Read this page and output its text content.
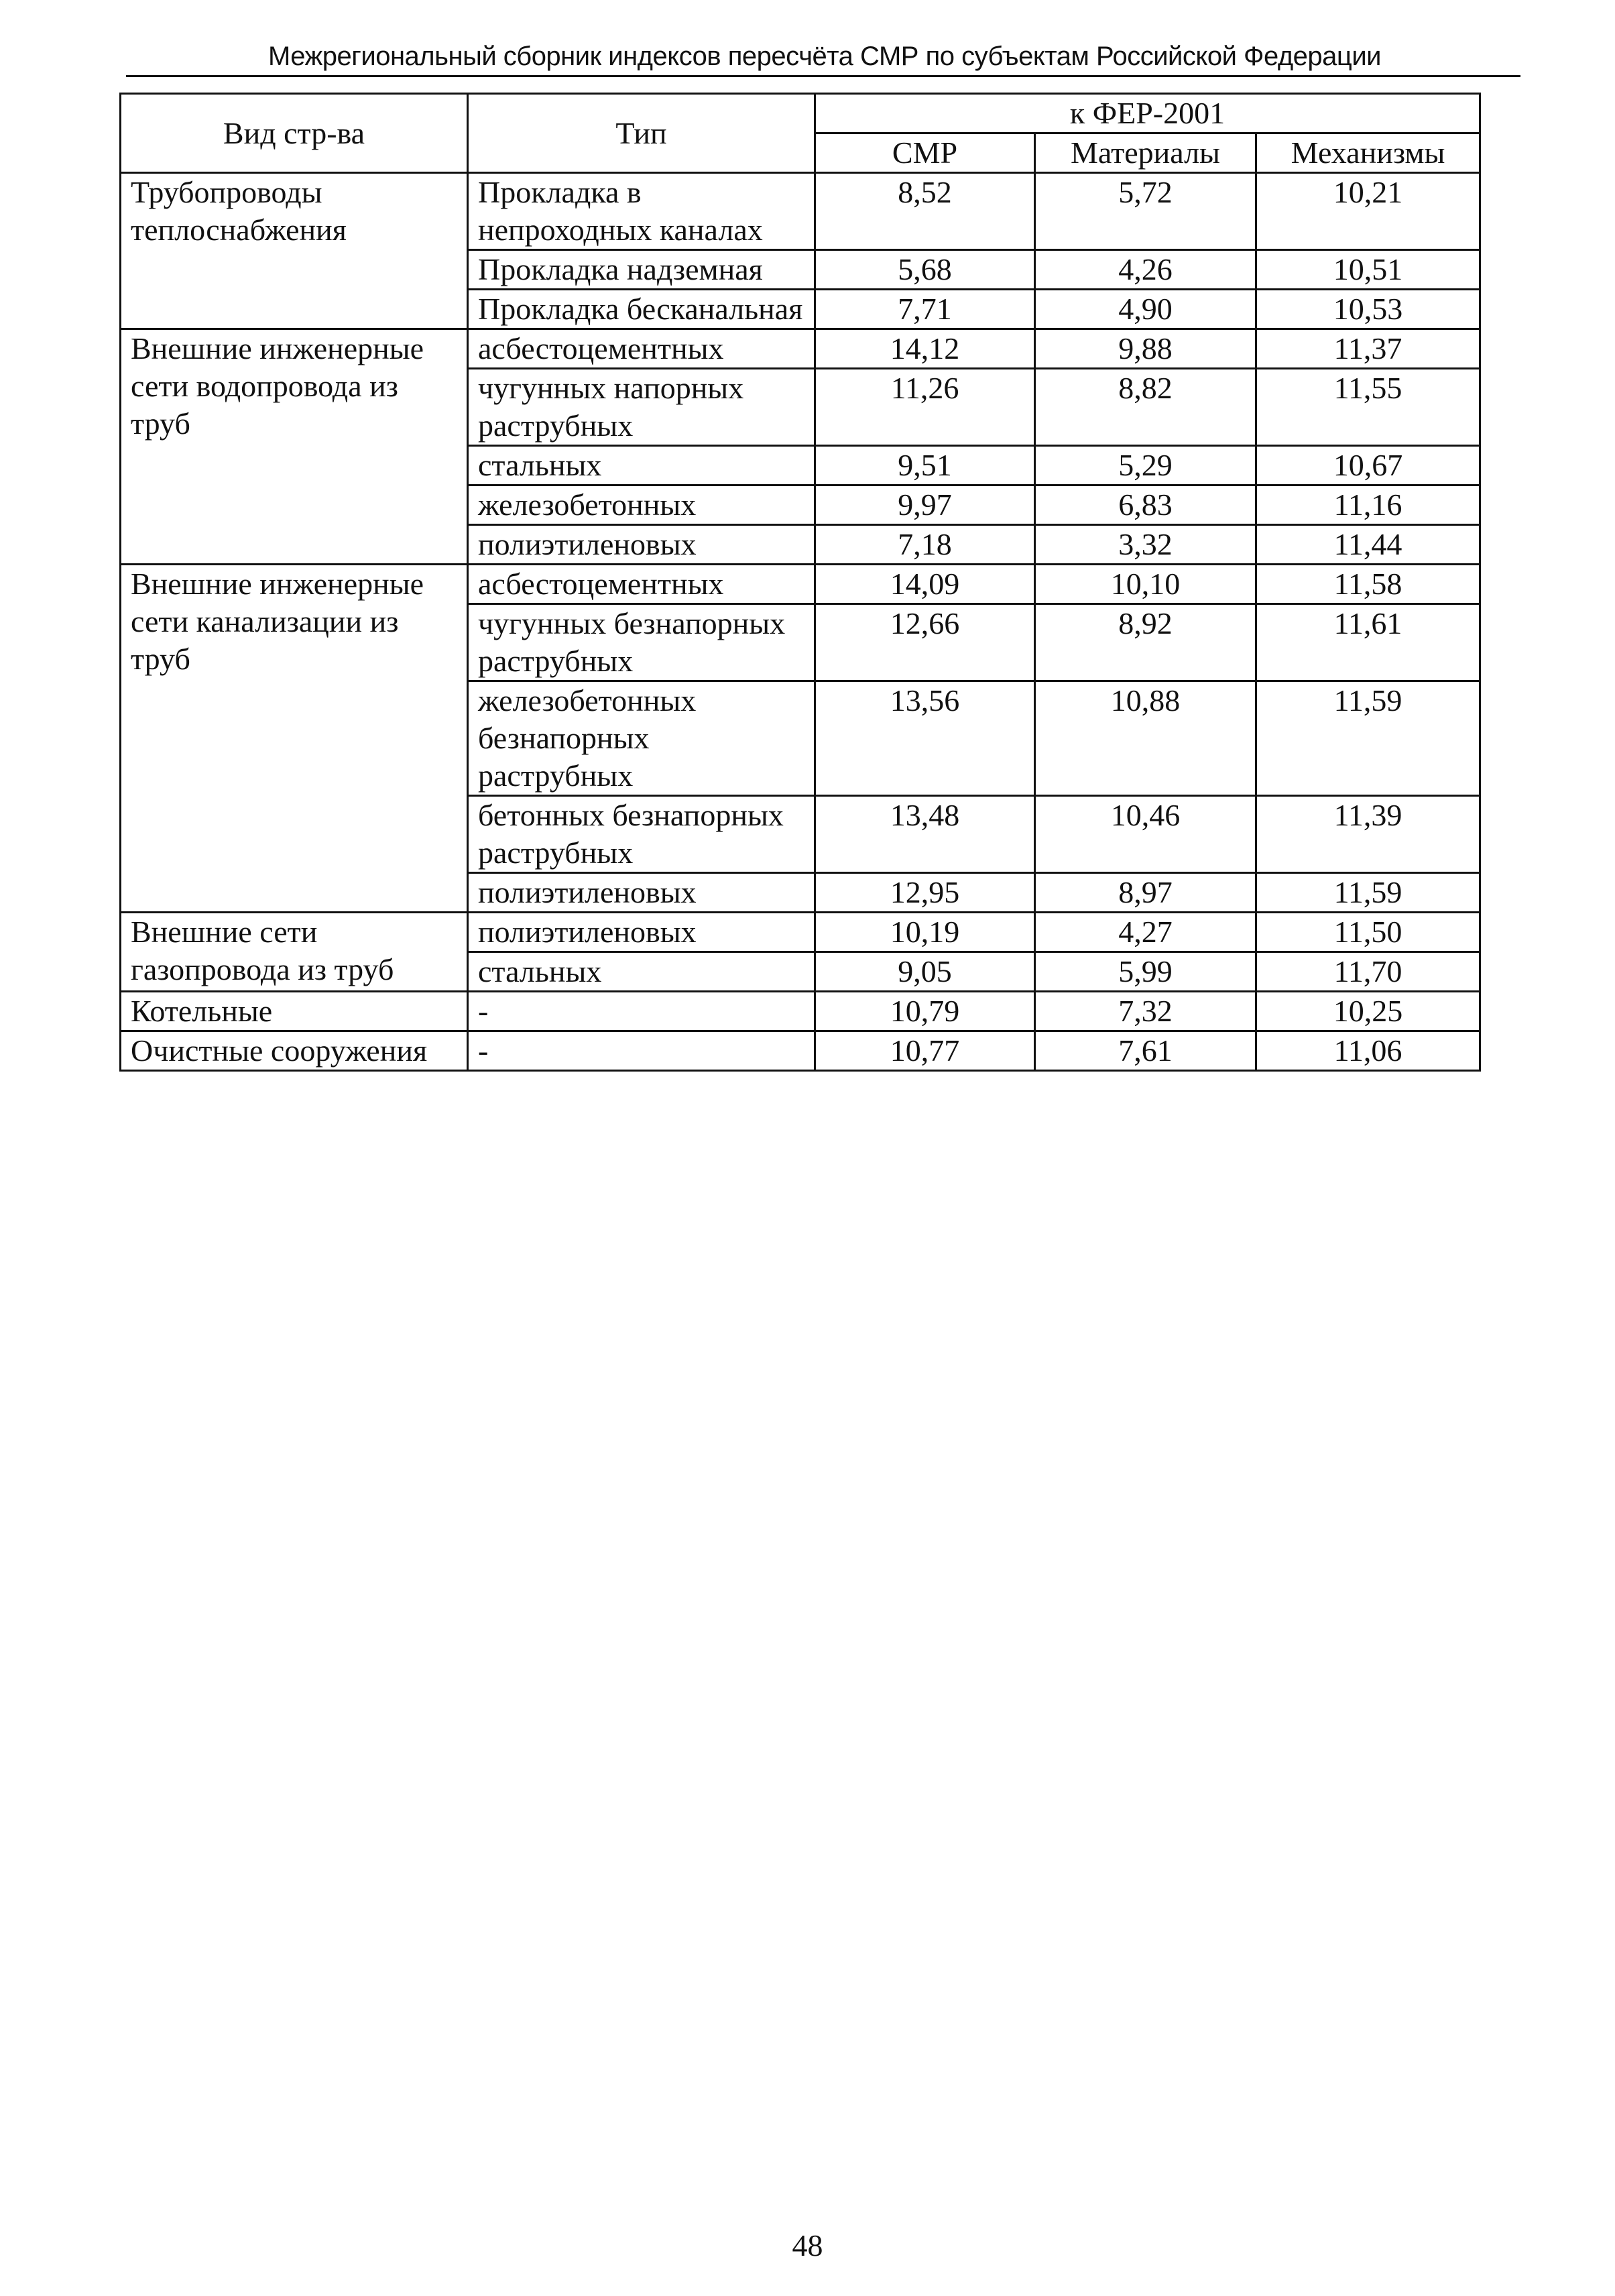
Межрегиональный сборник индексов пересчёта СМР по субъектам Российской Федерации
Вид стр-ва	Тип	к ФЕР-2001		
		СМР	Материалы	Механизмы
Трубопроводы теплоснабжения	Прокладка в непроходных каналах	8,52	5,72	10,21
	Прокладка надземная	5,68	4,26	10,51
	Прокладка бесканальная	7,71	4,90	10,53
Внешние инженерные сети водопровода из труб	асбестоцементных	14,12	9,88	11,37
	чугунных напорных раструбных	11,26	8,82	11,55
	стальных	9,51	5,29	10,67
	железобетонных	9,97	6,83	11,16
	полиэтиленовых	7,18	3,32	11,44
Внешние инженерные сети канализации из труб	асбестоцементных	14,09	10,10	11,58
	чугунных безнапорных раструбных	12,66	8,92	11,61
	железобетонных безнапорных раструбных	13,56	10,88	11,59
	бетонных безнапорных раструбных	13,48	10,46	11,39
	полиэтиленовых	12,95	8,97	11,59
Внешние сети газопровода из труб	полиэтиленовых	10,19	4,27	11,50
	стальных	9,05	5,99	11,70
Котельные	-	10,79	7,32	10,25
Очистные сооружения	-	10,77	7,61	11,06
48
